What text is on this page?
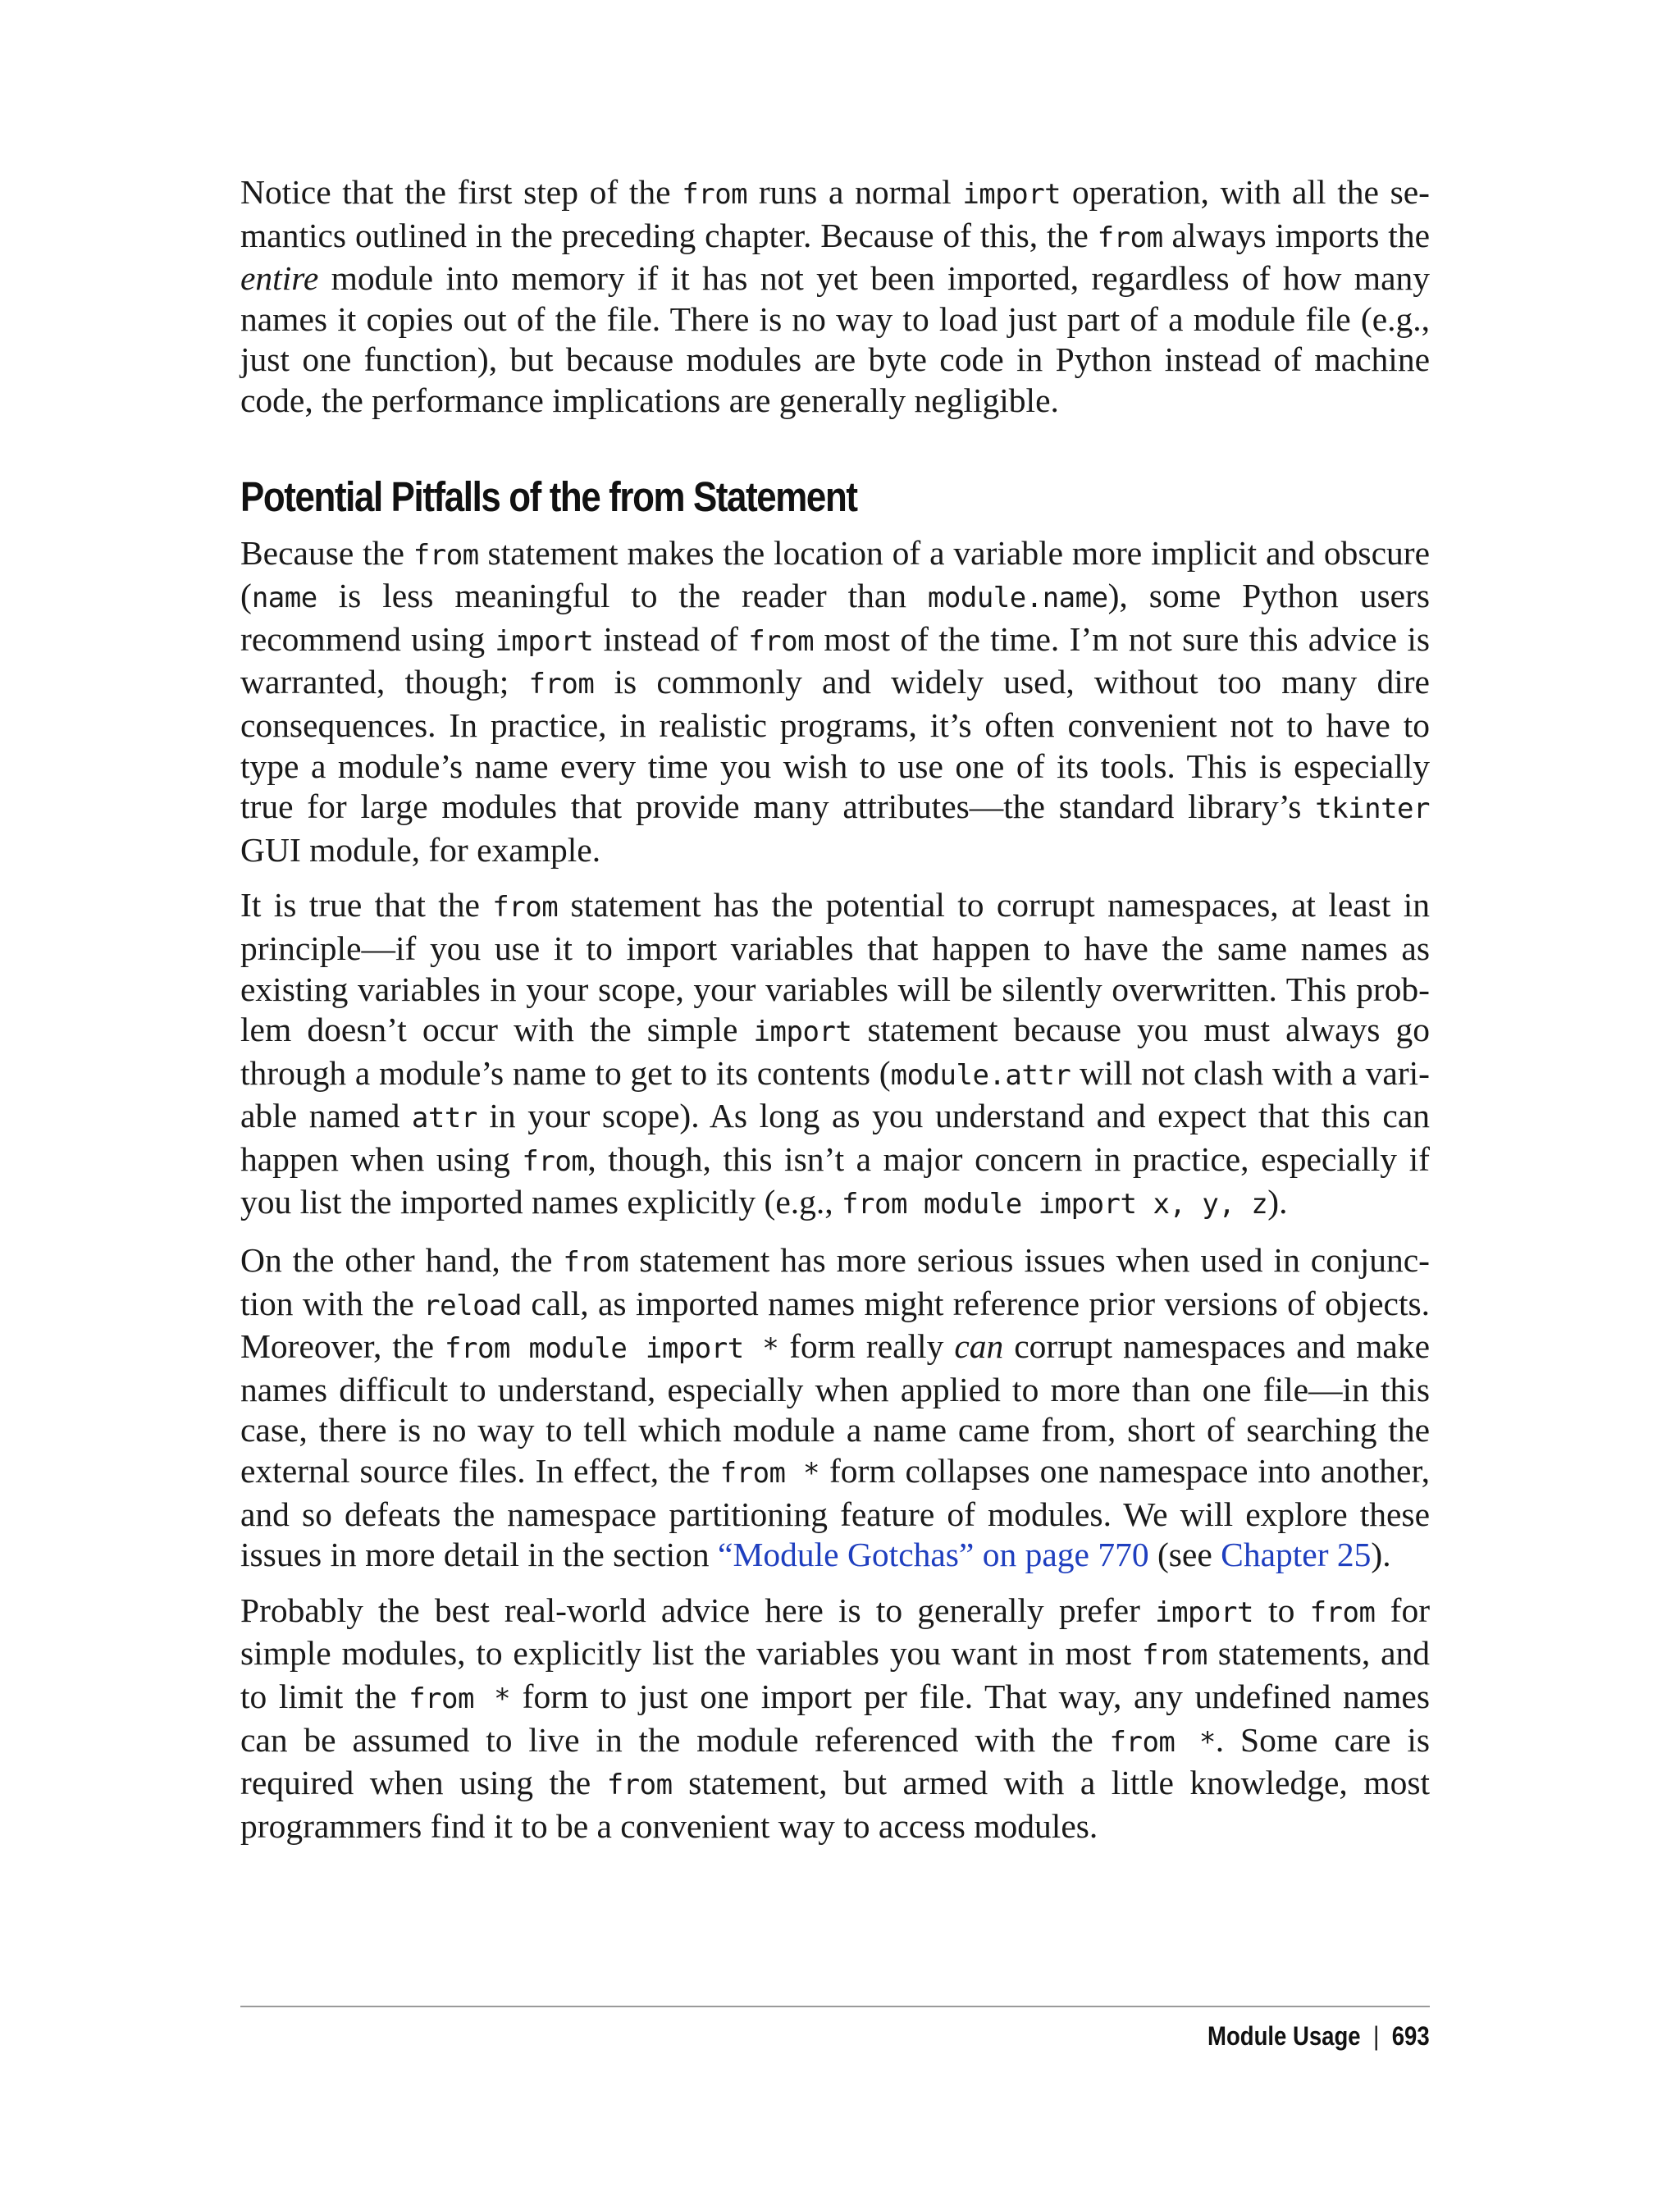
Notice that the first step of the from runs a normal import operation, with all the se-mantics outlined in the preceding chapter. Because of this, the from always imports the entire module into memory if it has not yet been imported, regardless of how many names it copies out of the file. There is no way to load just part of a module file (e.g., just one function), but because modules are byte code in Python instead of machine code, the performance implications are generally negligible.

Potential Pitfalls of the from Statement

Because the from statement makes the location of a variable more implicit and obscure (name is less meaningful to the reader than module.name), some Python users recommend using import instead of from most of the time. I’m not sure this advice is warranted, though; from is commonly and widely used, without too many dire consequences. In practice, in realistic programs, it’s often convenient not to have to type a module’s name every time you wish to use one of its tools. This is especially true for large modules that provide many attributes—the standard library’s tkinter GUI module, for example.

It is true that the from statement has the potential to corrupt namespaces, at least in principle—if you use it to import variables that happen to have the same names as existing variables in your scope, your variables will be silently overwritten. This prob-lem doesn’t occur with the simple import statement because you must always go through a module’s name to get to its contents (module.attr will not clash with a vari-able named attr in your scope). As long as you understand and expect that this can happen when using from, though, this isn’t a major concern in practice, especially if you list the imported names explicitly (e.g., from module import x, y, z).

On the other hand, the from statement has more serious issues when used in conjunc-tion with the reload call, as imported names might reference prior versions of objects. Moreover, the from module import * form really can corrupt namespaces and make names difficult to understand, especially when applied to more than one file—in this case, there is no way to tell which module a name came from, short of searching the external source files. In effect, the from * form collapses one namespace into another, and so defeats the namespace partitioning feature of modules. We will explore these issues in more detail in the section “Module Gotchas” on page 770 (see Chapter 25).

Probably the best real-world advice here is to generally prefer import to from for simple modules, to explicitly list the variables you want in most from statements, and to limit the from * form to just one import per file. That way, any undefined names can be assumed to live in the module referenced with the from *. Some care is required when using the from statement, but armed with a little knowledge, most programmers find it to be a convenient way to access modules.

Module Usage | 693
